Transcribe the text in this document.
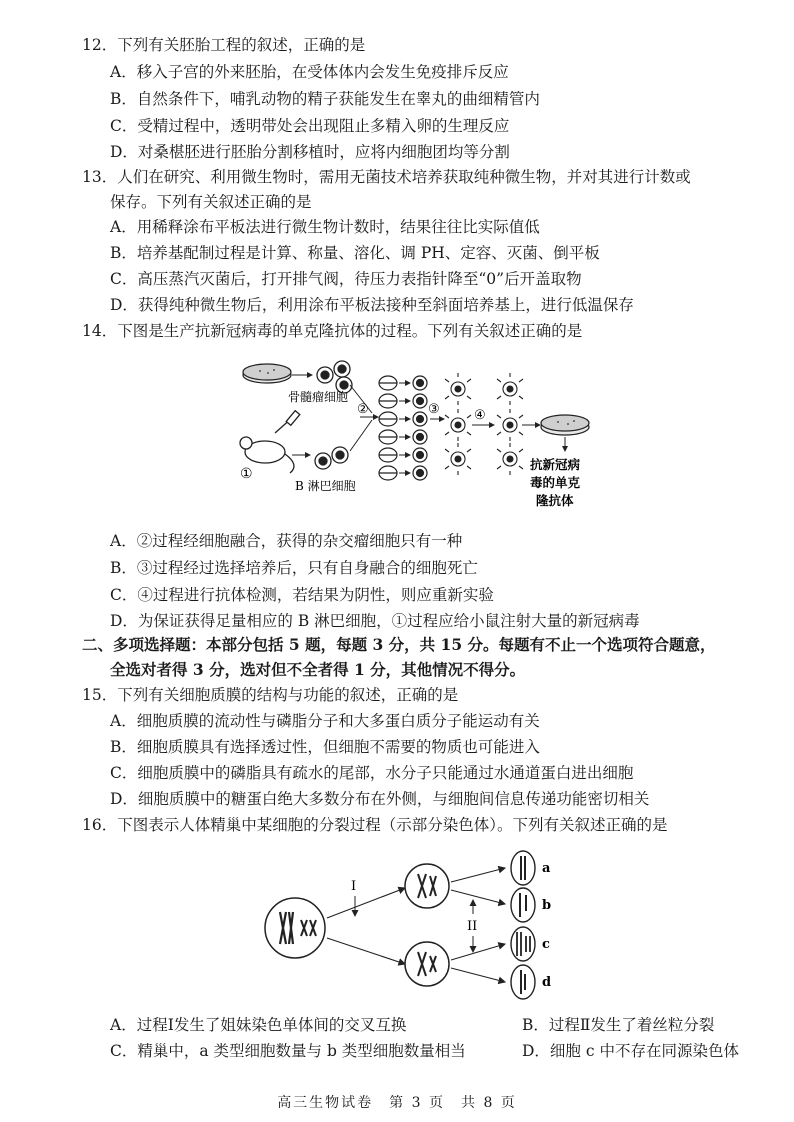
12．下列有关胚胎工程的叙述，正确的是
A．移入子宫的外来胚胎，在受体体内会发生免疫排斥反应
B．自然条件下，哺乳动物的精子获能发生在睾丸的曲细精管内
C．受精过程中，透明带处会出现阻止多精入卵的生理反应
D．对桑椹胚进行胚胎分割移植时，应将内细胞团均等分割
13．人们在研究、利用微生物时，需用无菌技术培养获取纯种微生物，并对其进行计数或
保存。下列有关叙述正确的是
A．用稀释涂布平板法进行微生物计数时，结果往往比实际值低
B．培养基配制过程是计算、称量、溶化、调 PH、定容、灭菌、倒平板
C．高压蒸汽灭菌后，打开排气阀，待压力表指针降至“0”后开盖取物
D．获得纯种微生物后，利用涂布平板法接种至斜面培养基上，进行低温保存
14．下图是生产抗新冠病毒的单克隆抗体的过程。下列有关叙述正确的是
骨髓瘤细胞
①
B 淋巴细胞
②	③	④
抗新冠病
毒的单克
隆抗体
A．②过程经细胞融合，获得的杂交瘤细胞只有一种
B．③过程经过选择培养后，只有自身融合的细胞死亡
C．④过程进行抗体检测，若结果为阴性，则应重新实验
D．为保证获得足量相应的 B 淋巴细胞，①过程应给小鼠注射大量的新冠病毒
二、多项选择题：本部分包括 5 题，每题 3 分，共 15 分。每题有不止一个选项符合题意，
全选对者得 3 分，选对但不全者得 1 分，其他情况不得分。
15．下列有关细胞质膜的结构与功能的叙述，正确的是
A．细胞质膜的流动性与磷脂分子和大多蛋白质分子能运动有关
B．细胞质膜具有选择透过性，但细胞不需要的物质也可能进入
C．细胞质膜中的磷脂具有疏水的尾部，水分子只能通过水通道蛋白进出细胞
D．细胞质膜中的糖蛋白绝大多数分布在外侧，与细胞间信息传递功能密切相关
16．下图表示人体精巢中某细胞的分裂过程（示部分染色体）。下列有关叙述正确的是
I
II
a
b
c
d
A．过程Ⅰ发生了姐妹染色单体间的交叉互换	B．过程Ⅱ发生了着丝粒分裂
C．精巢中，a 类型细胞数量与 b 类型细胞数量相当	D．细胞 c 中不存在同源染色体
高三生物试卷　第 3 页　共 8 页
